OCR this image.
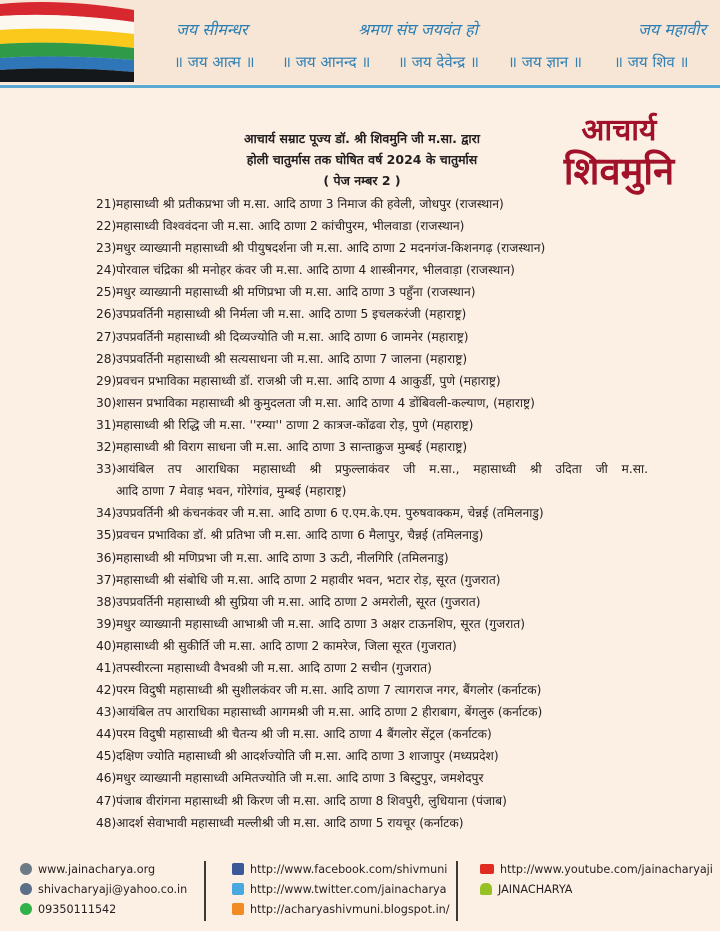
जय सीमन्धर	श्रमण संघ जयवंत हो	जय महावीर
॥ जय आत्म ॥ ॥ जय आनन्द ॥ ॥ जय देवेन्द्र ॥ ॥ जय ज्ञान ॥ ॥ जय शिव ॥
आचार्य
शिवमुनि
आचार्य सम्राट पूज्य डॉ. श्री शिवमुनि जी म.सा. द्वारा
होली चातुर्मास तक घोषित वर्ष 2024 के चातुर्मास
( पेज नम्बर 2 )
21) महासाध्वी श्री प्रतीकप्रभा जी म.सा. आदि ठाणा 3 निमाज की हवेली, जोधपुर (राजस्थान)
22) महासाध्वी विश्ववंदना जी म.सा. आदि ठाणा 2 कांचीपुरम, भीलवाडा (राजस्थान)
23) मधुर व्याख्यानी महासाध्वी श्री पीयुषदर्शना जी म.सा. आदि ठाणा 2 मदनगंज-किशनगढ़ (राजस्थान)
24) पोरवाल चंद्रिका श्री मनोहर कंवर जी म.सा. आदि ठाणा 4 शास्त्रीनगर, भीलवाड़ा (राजस्थान)
25) मधुर व्याख्यानी महासाध्वी श्री मणिप्रभा जी म.सा. आदि ठाणा 3 पहुँना (राजस्थान)
26) उपप्रवर्तिनी महासाध्वी श्री निर्मला जी म.सा. आदि ठाणा 5 इचलकरंजी (महाराष्ट्र)
27) उपप्रवर्तिनी महासाध्वी श्री दिव्यज्योति जी म.सा. आदि ठाणा 6 जामनेर (महाराष्ट्र)
28) उपप्रवर्तिनी महासाध्वी श्री सत्यसाधना जी म.सा. आदि ठाणा 7 जालना (महाराष्ट्र)
29) प्रवचन प्रभाविका महासाध्वी डॉ. राजश्री जी म.सा. आदि ठाणा 4 आकुर्डी, पुणे (महाराष्ट्र)
30) शासन प्रभाविका महासाध्वी श्री कुमुदलता जी म.सा. आदि ठाणा 4 डोंबिवली-कल्याण, (महाराष्ट्र)
31) महासाध्वी श्री रिद्धि जी म.सा. ''रम्या'' ठाणा 2 कात्रज-कोंढवा रोड़, पुणे (महाराष्ट्र)
32) महासाध्वी श्री विराग साधना जी म.सा. आदि ठाणा 3 सान्ताक्रुज मुम्बई (महाराष्ट्र)
33) आयंबिल तप आराधिका महासाध्वी श्री प्रफुल्लाकंवर जी म.सा., महासाध्वी श्री उदिता जी म.सा.
आदि ठाणा 7 मेवाड़ भवन, गोरेगांव, मुम्बई (महाराष्ट्र)
34) उपप्रवर्तिनी श्री कंचनकंवर जी म.सा. आदि ठाणा 6 ए.एम.के.एम. पुरुषवाक्कम, चेन्नई (तमिलनाडु)
35) प्रवचन प्रभाविका डॉ. श्री प्रतिभा जी म.सा. आदि ठाणा 6 मैलापुर, चैन्नई (तमिलनाडु)
36) महासाध्वी श्री मणिप्रभा जी म.सा. आदि ठाणा 3 ऊटी, नीलगिरि (तमिलनाडु)
37) महासाध्वी श्री संबोधि जी म.सा. आदि ठाणा 2 महावीर भवन, भटार रोड़, सूरत (गुजरात)
38) उपप्रवर्तिनी महासाध्वी श्री सुप्रिया जी म.सा. आदि ठाणा 2 अमरोली, सूरत (गुजरात)
39) मधुर व्याख्यानी महासाध्वी आभाश्री जी म.सा. आदि ठाणा 3 अक्षर टाऊनशिप, सूरत (गुजरात)
40) महासाध्वी श्री सुकीर्ति जी म.सा. आदि ठाणा 2 कामरेज, जिला सूरत (गुजरात)
41) तपस्वीरत्ना महासाध्वी वैभवश्री जी म.सा. आदि ठाणा 2 सचीन (गुजरात)
42) परम विदुषी महासाध्वी श्री सुशीलकंवर जी म.सा. आदि ठाणा 7 त्यागराज नगर, बैंगलोर (कर्नाटक)
43) आयंबिल तप आराधिका महासाध्वी आगमश्री जी म.सा. आदि ठाणा 2 हीराबाग, बेंगलुरु (कर्नाटक)
44) परम विदुषी महासाध्वी श्री चैतन्य श्री जी म.सा. आदि ठाणा 4 बैंगलोर सेंट्रल (कर्नाटक)
45) दक्षिण ज्योति महासाध्वी श्री आदर्शज्योति जी म.सा. आदि ठाणा 3 शाजापुर (मध्यप्रदेश)
46) मधुर व्याख्यानी महासाध्वी अमितज्योति जी म.सा. आदि ठाणा 3 बिस्टुपुर, जमशेदपुर
47) पंजाब वीरांगना महासाध्वी श्री किरण जी म.सा. आदि ठाणा 8 शिवपुरी, लुधियाना (पंजाब)
48) आदर्श सेवाभावी महासाध्वी मल्लीश्री जी म.सा. आदि ठाणा 5 रायचूर (कर्नाटक)
www.jainacharya.org
shivacharyaji@yahoo.co.in
09350111542
http://www.facebook.com/shivmuni
http://www.twitter.com/jainacharya
http://acharyashivmuni.blogspot.in/
http://www.youtube.com/jainacharyaji
JAINACHARYA
